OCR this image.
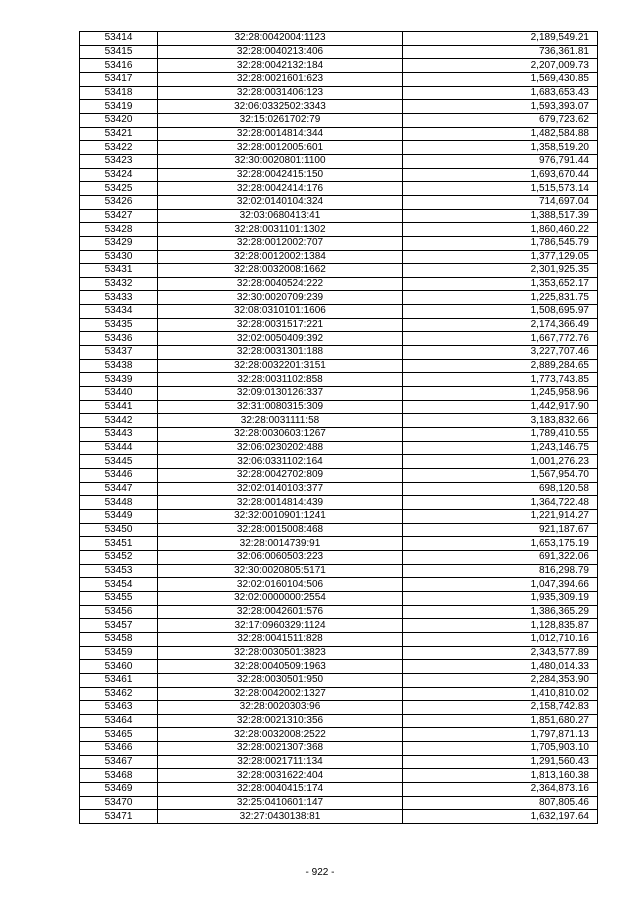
53414	32:28:0042004:1123	2,189,549.21
53415	32:28:0040213:406	736,361.81
53416	32:28:0042132:184	2,207,009.73
53417	32:28:0021601:623	1,569,430.85
53418	32:28:0031406:123	1,683,653.43
53419	32:06:0332502:3343	1,593,393.07
53420	32:15:0261702:79	679,723.62
53421	32:28:0014814:344	1,482,584.88
53422	32:28:0012005:601	1,358,519.20
53423	32:30:0020801:1100	976,791.44
53424	32:28:0042415:150	1,693,670.44
53425	32:28:0042414:176	1,515,573.14
53426	32:02:0140104:324	714,697.04
53427	32:03:0680413:41	1,388,517.39
53428	32:28:0031101:1302	1,860,460.22
53429	32:28:0012002:707	1,786,545.79
53430	32:28:0012002:1384	1,377,129.05
53431	32:28:0032008:1662	2,301,925.35
53432	32:28:0040524:222	1,353,652.17
53433	32:30:0020709:239	1,225,831.75
53434	32:08:0310101:1606	1,508,695.97
53435	32:28:0031517:221	2,174,366.49
53436	32:02:0050409:392	1,667,772.76
53437	32:28:0031301:188	3,227,707.46
53438	32:28:0032201:3151	2,889,284.65
53439	32:28:0031102:858	1,773,743.85
53440	32:09:0130126:337	1,245,958.96
53441	32:31:0080315:309	1,442,917.90
53442	32:28:0031111:58	3,183,832.66
53443	32:28:0030603:1267	1,789,410.55
53444	32:06:0230202:488	1,243,146.75
53445	32:06:0331102:164	1,001,276.23
53446	32:28:0042702:809	1,567,954.70
53447	32:02:0140103:377	698,120.58
53448	32:28:0014814:439	1,364,722.48
53449	32:32:0010901:1241	1,221,914.27
53450	32:28:0015008:468	921,187.67
53451	32:28:0014739:91	1,653,175.19
53452	32:06:0060503:223	691,322.06
53453	32:30:0020805:5171	816,298.79
53454	32:02:0160104:506	1,047,394.66
53455	32:02:0000000:2554	1,935,309.19
53456	32:28:0042601:576	1,386,365.29
53457	32:17:0960329:1124	1,128,835.87
53458	32:28:0041511:828	1,012,710.16
53459	32:28:0030501:3823	2,343,577.89
53460	32:28:0040509:1963	1,480,014.33
53461	32:28:0030501:950	2,284,353.90
53462	32:28:0042002:1327	1,410,810.02
53463	32:28:0020303:96	2,158,742.83
53464	32:28:0021310:356	1,851,680.27
53465	32:28:0032008:2522	1,797,871.13
53466	32:28:0021307:368	1,705,903.10
53467	32:28:0021711:134	1,291,560.43
53468	32:28:0031622:404	1,813,160.38
53469	32:28:0040415:174	2,364,873.16
53470	32:25:0410601:147	807,805.46
53471	32:27:0430138:81	1,632,197.64
- 922 -
